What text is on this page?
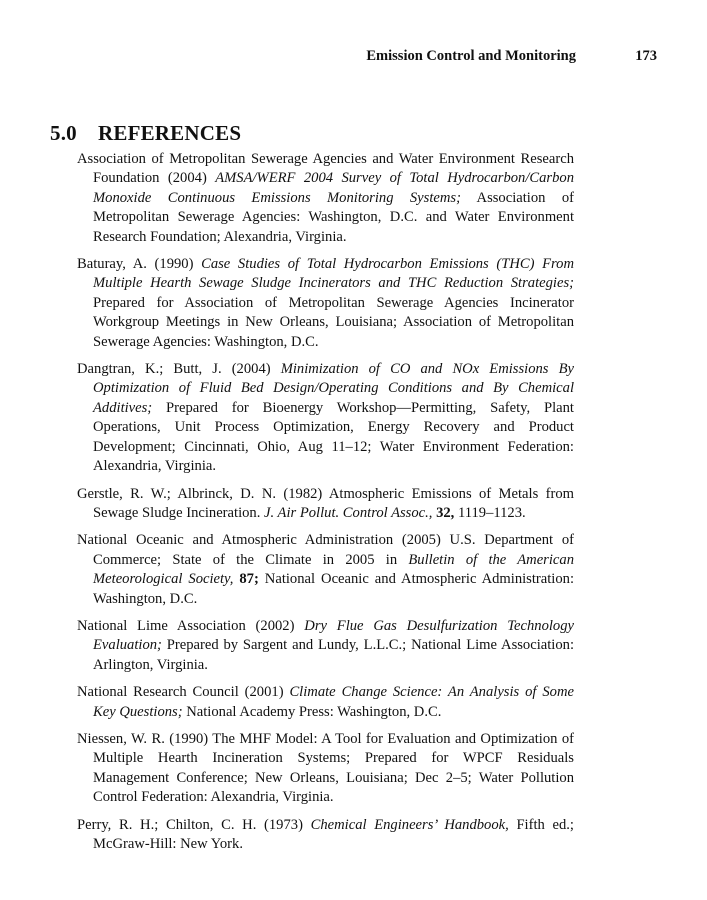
Emission Control and Monitoring	173
5.0 REFERENCES

Association of Metropolitan Sewerage Agencies and Water Environment Research Foundation (2004) AMSA/WERF 2004 Survey of Total Hydrocarbon/Carbon Monoxide Continuous Emissions Monitoring Systems; Association of Metropolitan Sewerage Agencies: Washington, D.C. and Water Environment Research Foundation; Alexandria, Virginia.

Baturay, A. (1990) Case Studies of Total Hydrocarbon Emissions (THC) From Multiple Hearth Sewage Sludge Incinerators and THC Reduction Strategies; Prepared for Association of Metropolitan Sewerage Agencies Incinerator Workgroup Meetings in New Orleans, Louisiana; Association of Metropolitan Sewerage Agencies: Washington, D.C.

Dangtran, K.; Butt, J. (2004) Minimization of CO and NOx Emissions By Optimization of Fluid Bed Design/Operating Conditions and By Chemical Additives; Prepared for Bioenergy Workshop—Permitting, Safety, Plant Operations, Unit Process Optimization, Energy Recovery and Product Development; Cincinnati, Ohio, Aug 11–12; Water Environment Federation: Alexandria, Virginia.

Gerstle, R. W.; Albrinck, D. N. (1982) Atmospheric Emissions of Metals from Sewage Sludge Incineration. J. Air Pollut. Control Assoc., 32, 1119–1123.

National Oceanic and Atmospheric Administration (2005) U.S. Department of Commerce; State of the Climate in 2005 in Bulletin of the American Meteorological Society, 87; National Oceanic and Atmospheric Administration: Washington, D.C.

National Lime Association (2002) Dry Flue Gas Desulfurization Technology Evaluation; Prepared by Sargent and Lundy, L.L.C.; National Lime Association: Arlington, Virginia.

National Research Council (2001) Climate Change Science: An Analysis of Some Key Questions; National Academy Press: Washington, D.C.

Niessen, W. R. (1990) The MHF Model: A Tool for Evaluation and Optimization of Multiple Hearth Incineration Systems; Prepared for WPCF Residuals Management Conference; New Orleans, Louisiana; Dec 2–5; Water Pollution Control Federation: Alexandria, Virginia.

Perry, R. H.; Chilton, C. H. (1973) Chemical Engineers’ Handbook, Fifth ed.; McGraw-Hill: New York.
